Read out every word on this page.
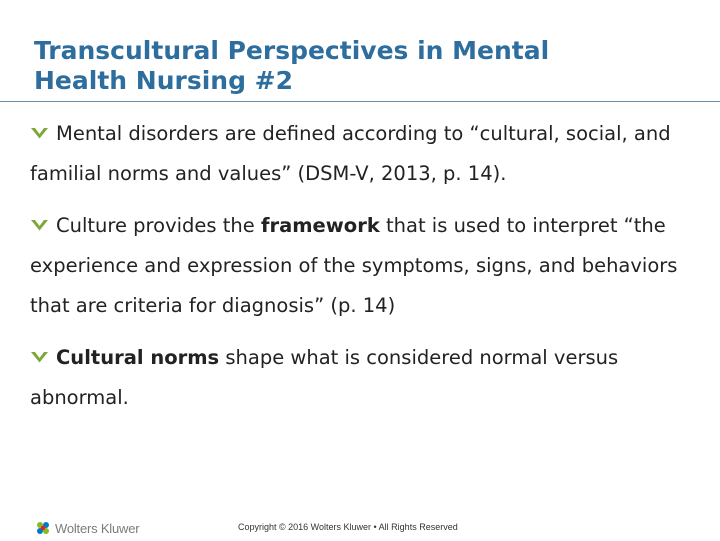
Transcultural Perspectives in Mental
Health Nursing #2
Mental disorders are defined according to “cultural, social, and familial norms and values” (DSM-V, 2013, p. 14).
Culture provides the framework that is used to interpret “the experience and expression of the symptoms, signs, and behaviors that are criteria for diagnosis” (p. 14)
Cultural norms shape what is considered normal versus abnormal.
Wolters Kluwer	Copyright © 2016 Wolters Kluwer • All Rights Reserved
